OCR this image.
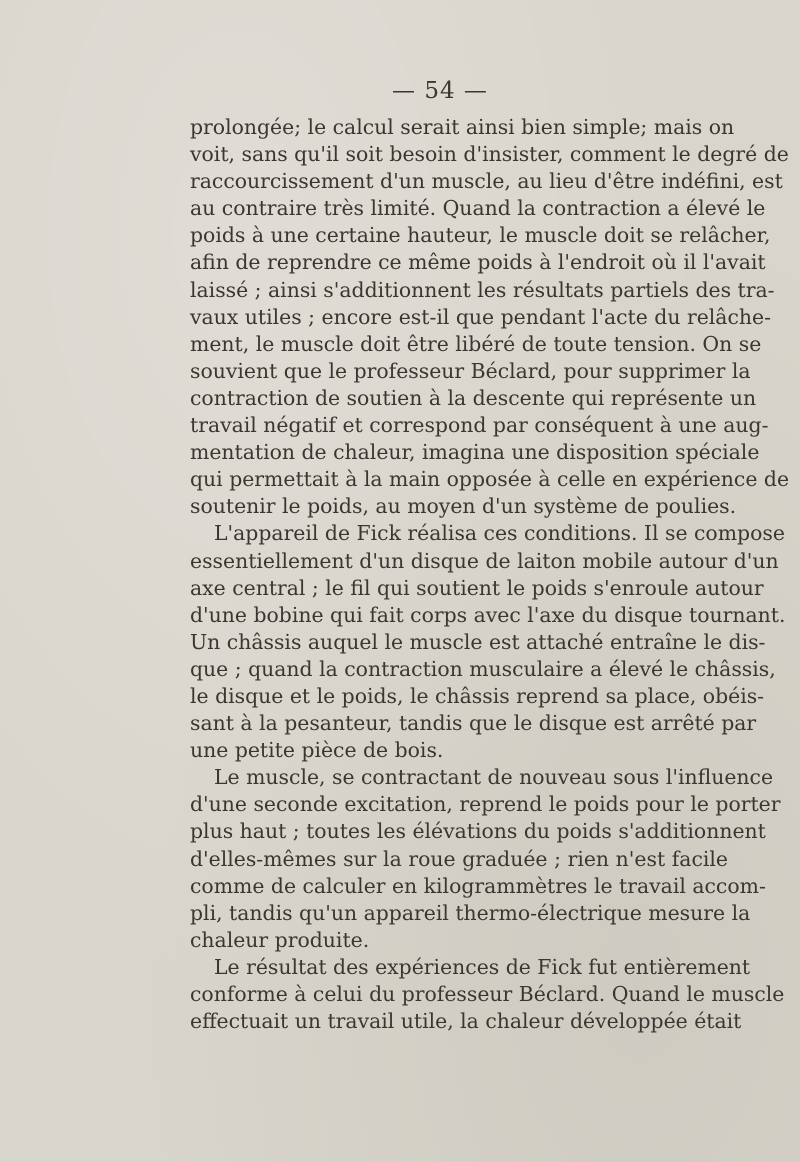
— 54 —
prolongée; le calcul serait ainsi bien simple; mais on
voit, sans qu'il soit besoin d'insister, comment le degré de
raccourcissement d'un muscle, au lieu d'être indéfini, est
au contraire très limité. Quand la contraction a élevé le
poids à une certaine hauteur, le muscle doit se relâcher,
afin de reprendre ce même poids à l'endroit où il l'avait
laissé ; ainsi s'additionnent les résultats partiels des tra-
vaux utiles ; encore est-il que pendant l'acte du relâche-
ment, le muscle doit être libéré de toute tension. On se
souvient que le professeur Béclard, pour supprimer la
contraction de soutien à la descente qui représente un
travail négatif et correspond par conséquent à une aug-
mentation de chaleur, imagina une disposition spéciale
qui permettait à la main opposée à celle en expérience de
soutenir le poids, au moyen d'un système de poulies.
L'appareil de Fick réalisa ces conditions. Il se compose
essentiellement d'un disque de laiton mobile autour d'un
axe central ; le fil qui soutient le poids s'enroule autour
d'une bobine qui fait corps avec l'axe du disque tournant.
Un châssis auquel le muscle est attaché entraîne le dis-
que ; quand la contraction musculaire a élevé le châssis,
le disque et le poids, le châssis reprend sa place, obéis-
sant à la pesanteur, tandis que le disque est arrêté par
une petite pièce de bois.
Le muscle, se contractant de nouveau sous l'influence
d'une seconde excitation, reprend le poids pour le porter
plus haut ; toutes les élévations du poids s'additionnent
d'elles-mêmes sur la roue graduée ; rien n'est facile
comme de calculer en kilogrammètres le travail accom-
pli, tandis qu'un appareil thermo-électrique mesure la
chaleur produite.
Le résultat des expériences de Fick fut entièrement
conforme à celui du professeur Béclard. Quand le muscle
effectuait un travail utile, la chaleur développée était
